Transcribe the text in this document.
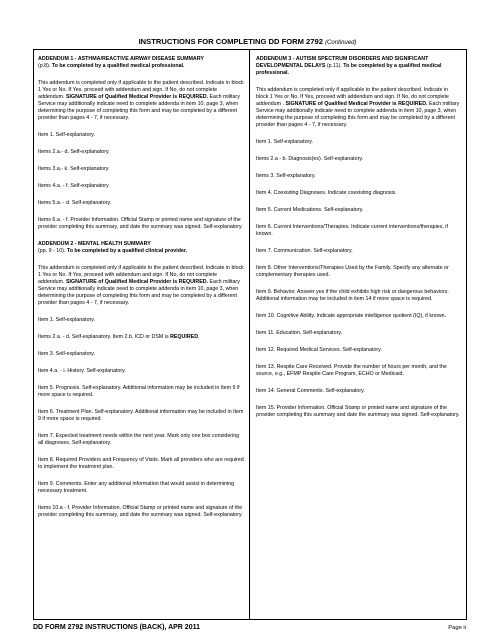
INSTRUCTIONS FOR COMPLETING DD FORM 2792 (Continued)
ADDENDUM 1 - ASTHMA/REACTIVE AIRWAY DISEASE SUMMARY
(p.8). To be completed by a qualified medical professional.
This addendum is completed only if applicable to the patient described. Indicate in block 1 Yes or No. If Yes, proceed with addendum and sign. If No, do not complete addendum. SIGNATURE of Qualified Medical Provider is REQUIRED. Each military Service may additionally indicate need to complete addenda in item 10, page 3, when determining the purpose of completing this form and may be completed by a different provider than pages 4 - 7, if necessary.
Item 1. Self-explanatory.
Items 2.a.- d. Self-explanatory.
Items 3.a.- k. Self-explanatory.
Items 4.a. - f. Self-explanatory.
Items 5.a. - d. Self-explanatory.
Items 6.a. - f. Provider Information. Official Stamp or printed name and signature of the provider completing this summary, and date the summary was signed. Self-explanatory.
ADDENDUM 2 - MENTAL HEALTH SUMMARY
(pp. 9 - 10). To be completed by a qualified clinical provider.
This addendum is completed only if applicable to the patient described. Indicate in block 1 Yes or No. If Yes, proceed with addendum and sign. If No, do not complete addendum. SIGNATURE of Qualified Medical Provider is REQUIRED. Each military Service may additionally indicate need to complete addenda in item 10, page 3, when determining the purpose of completing this form and may be completed by a different provider than pages 4 - 7, if necessary.
Item 1. Self-explanatory.
Items 2.a. - d. Self-explanatory. Item 2.b. ICD or DSM is REQUIRED.
Item 3. Self-explanatory.
Item 4.a. - i. History. Self-explanatory.
Item 5. Prognosis. Self-explanatory. Additional information may be included in Item 9 if more space is required.
Item 6. Treatment Plan. Self-explanatory. Additional information may be included in Item 9 if more space is required.
Item 7. Expected treatment needs within the next year. Mark only one box considering all diagnoses. Self-explanatory.
Item 8. Required Providers and Frequency of Visits. Mark all providers who are required to implement the treatment plan.
Item 9. Comments. Enter any additional information that would assist in determining necessary treatment.
Items 10.a - f. Provider Information. Official Stamp or printed name and signature of the provider completing this summary, and date the summary was signed. Self-explanatory.
ADDENDUM 3 - AUTISM SPECTRUM DISORDERS AND SIGNIFICANT DEVELOPMENTAL DELAYS (p.11). To be completed by a qualified medical professional.
This addendum is completed only if applicable to the patient described. Indicate in block 1 Yes or No. If Yes, proceed with addendum and sign. If No, do not complete addendum . SIGNATURE of Qualified Medical Provider is REQUIRED. Each military Service may additionally indicate need to complete addenda in item 10, page 3, when determining the purpose of completing this form and may be completed by a different provider than pages 4 - 7, if necessary.
Item 1. Self-explanatory.
Items 2.a - b. Diagnosis(es). Self-explanatory.
Items 3. Self-explanatory.
Item 4. Coexisting Diagnoses. Indicate coexisting diagnosis.
Item 5. Current Medications. Self-explanatory.
Item 6. Current Interventions/Therapies. Indicate current interventions/therapies, if known.
Item 7. Communication. Self-explanatory.
Item 8. Other Interventions/Therapies Used by the Family. Specify any alternate or complementary therapies used.
Item 9. Behavior. Answer yes if the child exhibits high risk or dangerous behaviors. Additional information may be included in item 14 if more space is required.
Item 10. Cognitive Ability. Indicate appropriate intelligence quotient (IQ), if known.
Item 11. Education. Self-explanatory.
Item 12. Required Medical Services. Self-explanatory.
Item 13. Respite Care Received. Provide the number of hours per month, and the source, e.g., EFMP Respite Care Program, ECHO or Medicaid.
Item 14. General Comments. Self-explanatory.
Item 15. Provider Information. Official Stamp or printed name and signature of the provider completing this summary and date the summary was signed. Self-explanatory.
DD FORM 2792 INSTRUCTIONS (BACK), APR 2011	Page ii
